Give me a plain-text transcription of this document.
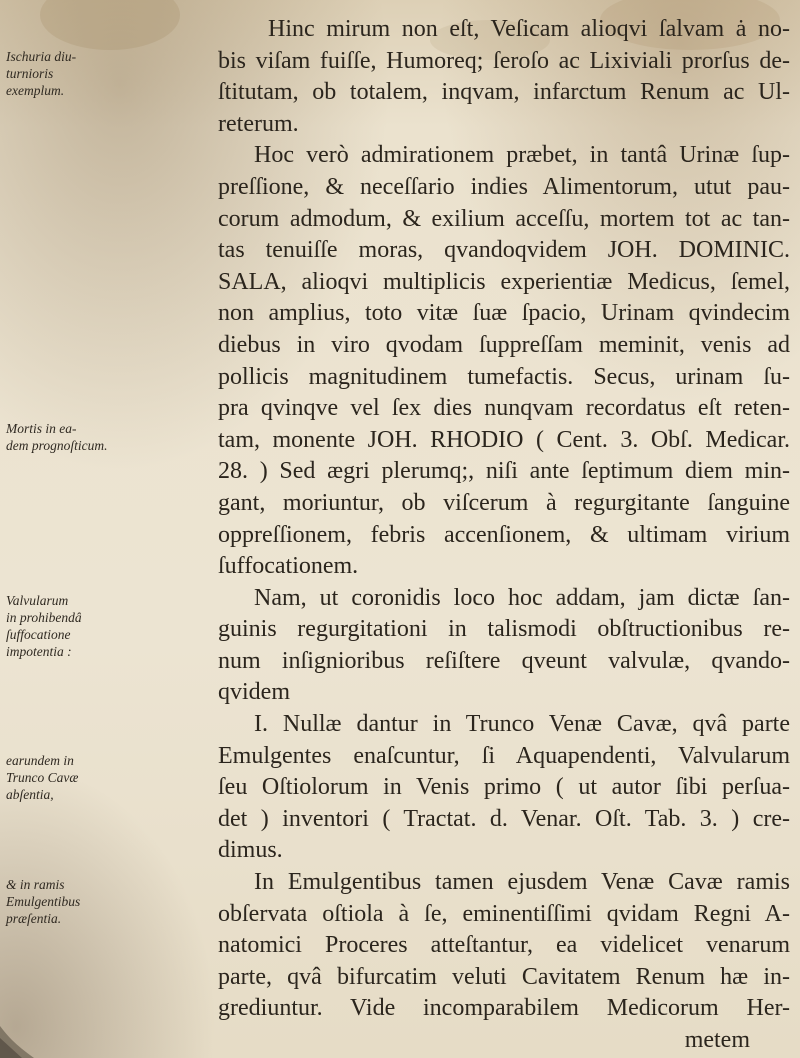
Hinc mirum non eſt, Veſicam alioqvi ſalvam ȧ no-
bis viſam fuiſſe, Humoreq; ſeroſo ac Lixiviali prorſus de-
ſtitutam, ob totalem, inqvam, infarctum Renum ac Ul-
reterum.
Hoc verò admirationem præbet, in tantâ Urinæ ſup-
preſſione, & neceſſario indies Alimentorum, utut pau-
corum admodum, & exilium acceſſu, mortem tot ac tan-
tas tenuiſſe moras, qvandoqvidem JOH. DOMINIC.
SALA, alioqvi multiplicis experientiæ Medicus, ſemel,
non amplius, toto vitæ ſuæ ſpacio, Urinam qvindecim
diebus in viro qvodam ſuppreſſam meminit, venis ad
pollicis magnitudinem tumefactis. Secus, urinam ſu-
pra qvinqve vel ſex dies nunqvam recordatus eſt reten-
tam, monente JOH. RHODIO ( Cent. 3. Obſ. Medicar.
28. ) Sed ægri plerumq;, niſi ante ſeptimum diem min-
gant, moriuntur, ob viſcerum à regurgitante ſanguine
oppreſſionem, febris accenſionem, & ultimam virium
ſuffocationem.
Nam, ut coronidis loco hoc addam, jam dictæ ſan-
guinis regurgitationi in talismodi obſtructionibus re-
num inſignioribus reſiſtere qveunt valvulæ, qvando-
qvidem
I. Nullæ dantur in Trunco Venæ Cavæ, qvâ parte
Emulgentes enaſcuntur, ſi Aquapendenti, Valvularum
ſeu Oſtiolorum in Venis primo ( ut autor ſibi perſua-
det ) inventori ( Tractat. d. Venar. Oſt. Tab. 3. ) cre-
dimus.
In Emulgentibus tamen ejusdem Venæ Cavæ ramis
obſervata oſtiola à ſe, eminentiſſimi qvidam Regni A-
natomici Proceres atteſtantur, ea videlicet venarum
parte, qvâ bifurcatim veluti Cavitatem Renum hæ in-
grediuntur. Vide incomparabilem Medicorum Her-
metem
Ischuria diu-
turnioris
exemplum.
Mortis in ea-
dem prognoſticum.
Valvularum
in prohibendâ
ſuffocatione
impotentia :
earundem in
Trunco Cavæ
abſentia,
& in ramis
Emulgentibus
præſentia.
